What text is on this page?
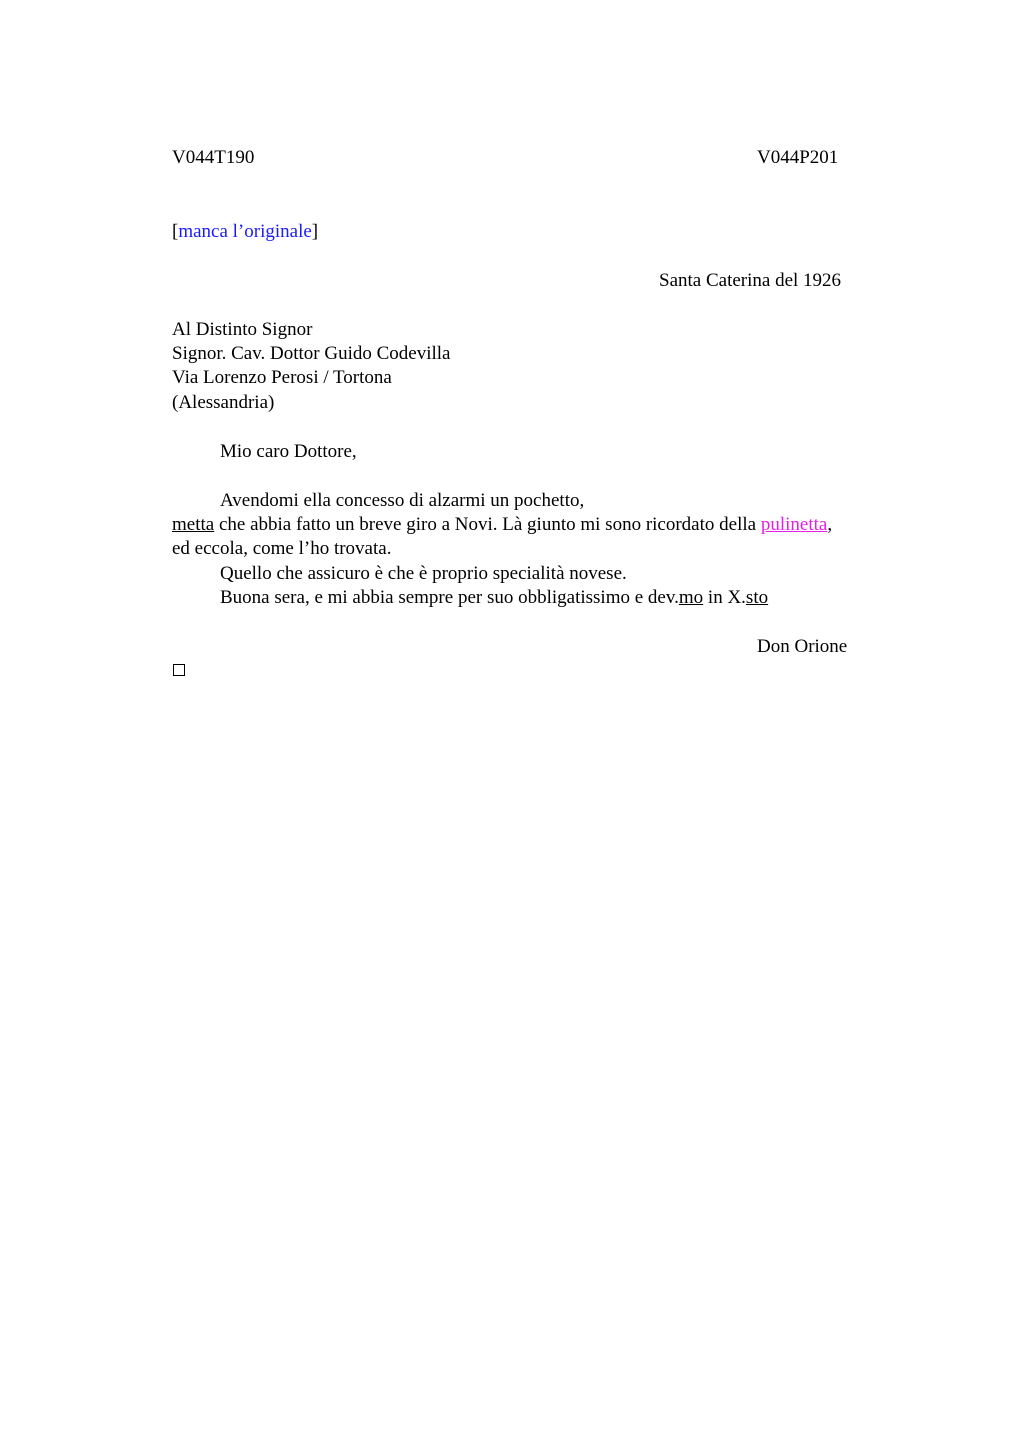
V044T190	V044P201
[manca l’originale]
Santa Caterina del 1926
Al Distinto Signor
Signor. Cav. Dottor Guido Codevilla
Via Lorenzo Perosi / Tortona
(Alessandria)
Mio caro Dottore,
Avendomi ella concesso di alzarmi un pochetto,
metta che abbia fatto un breve giro a Novi. Là giunto mi sono ricordato della pulinetta,
ed eccola, come l’ho trovata.
Quello che assicuro è che è proprio specialità novese.
Buona sera, e mi abbia sempre per suo obbligatissimo e dev.mo in X.sto
Don Orione
